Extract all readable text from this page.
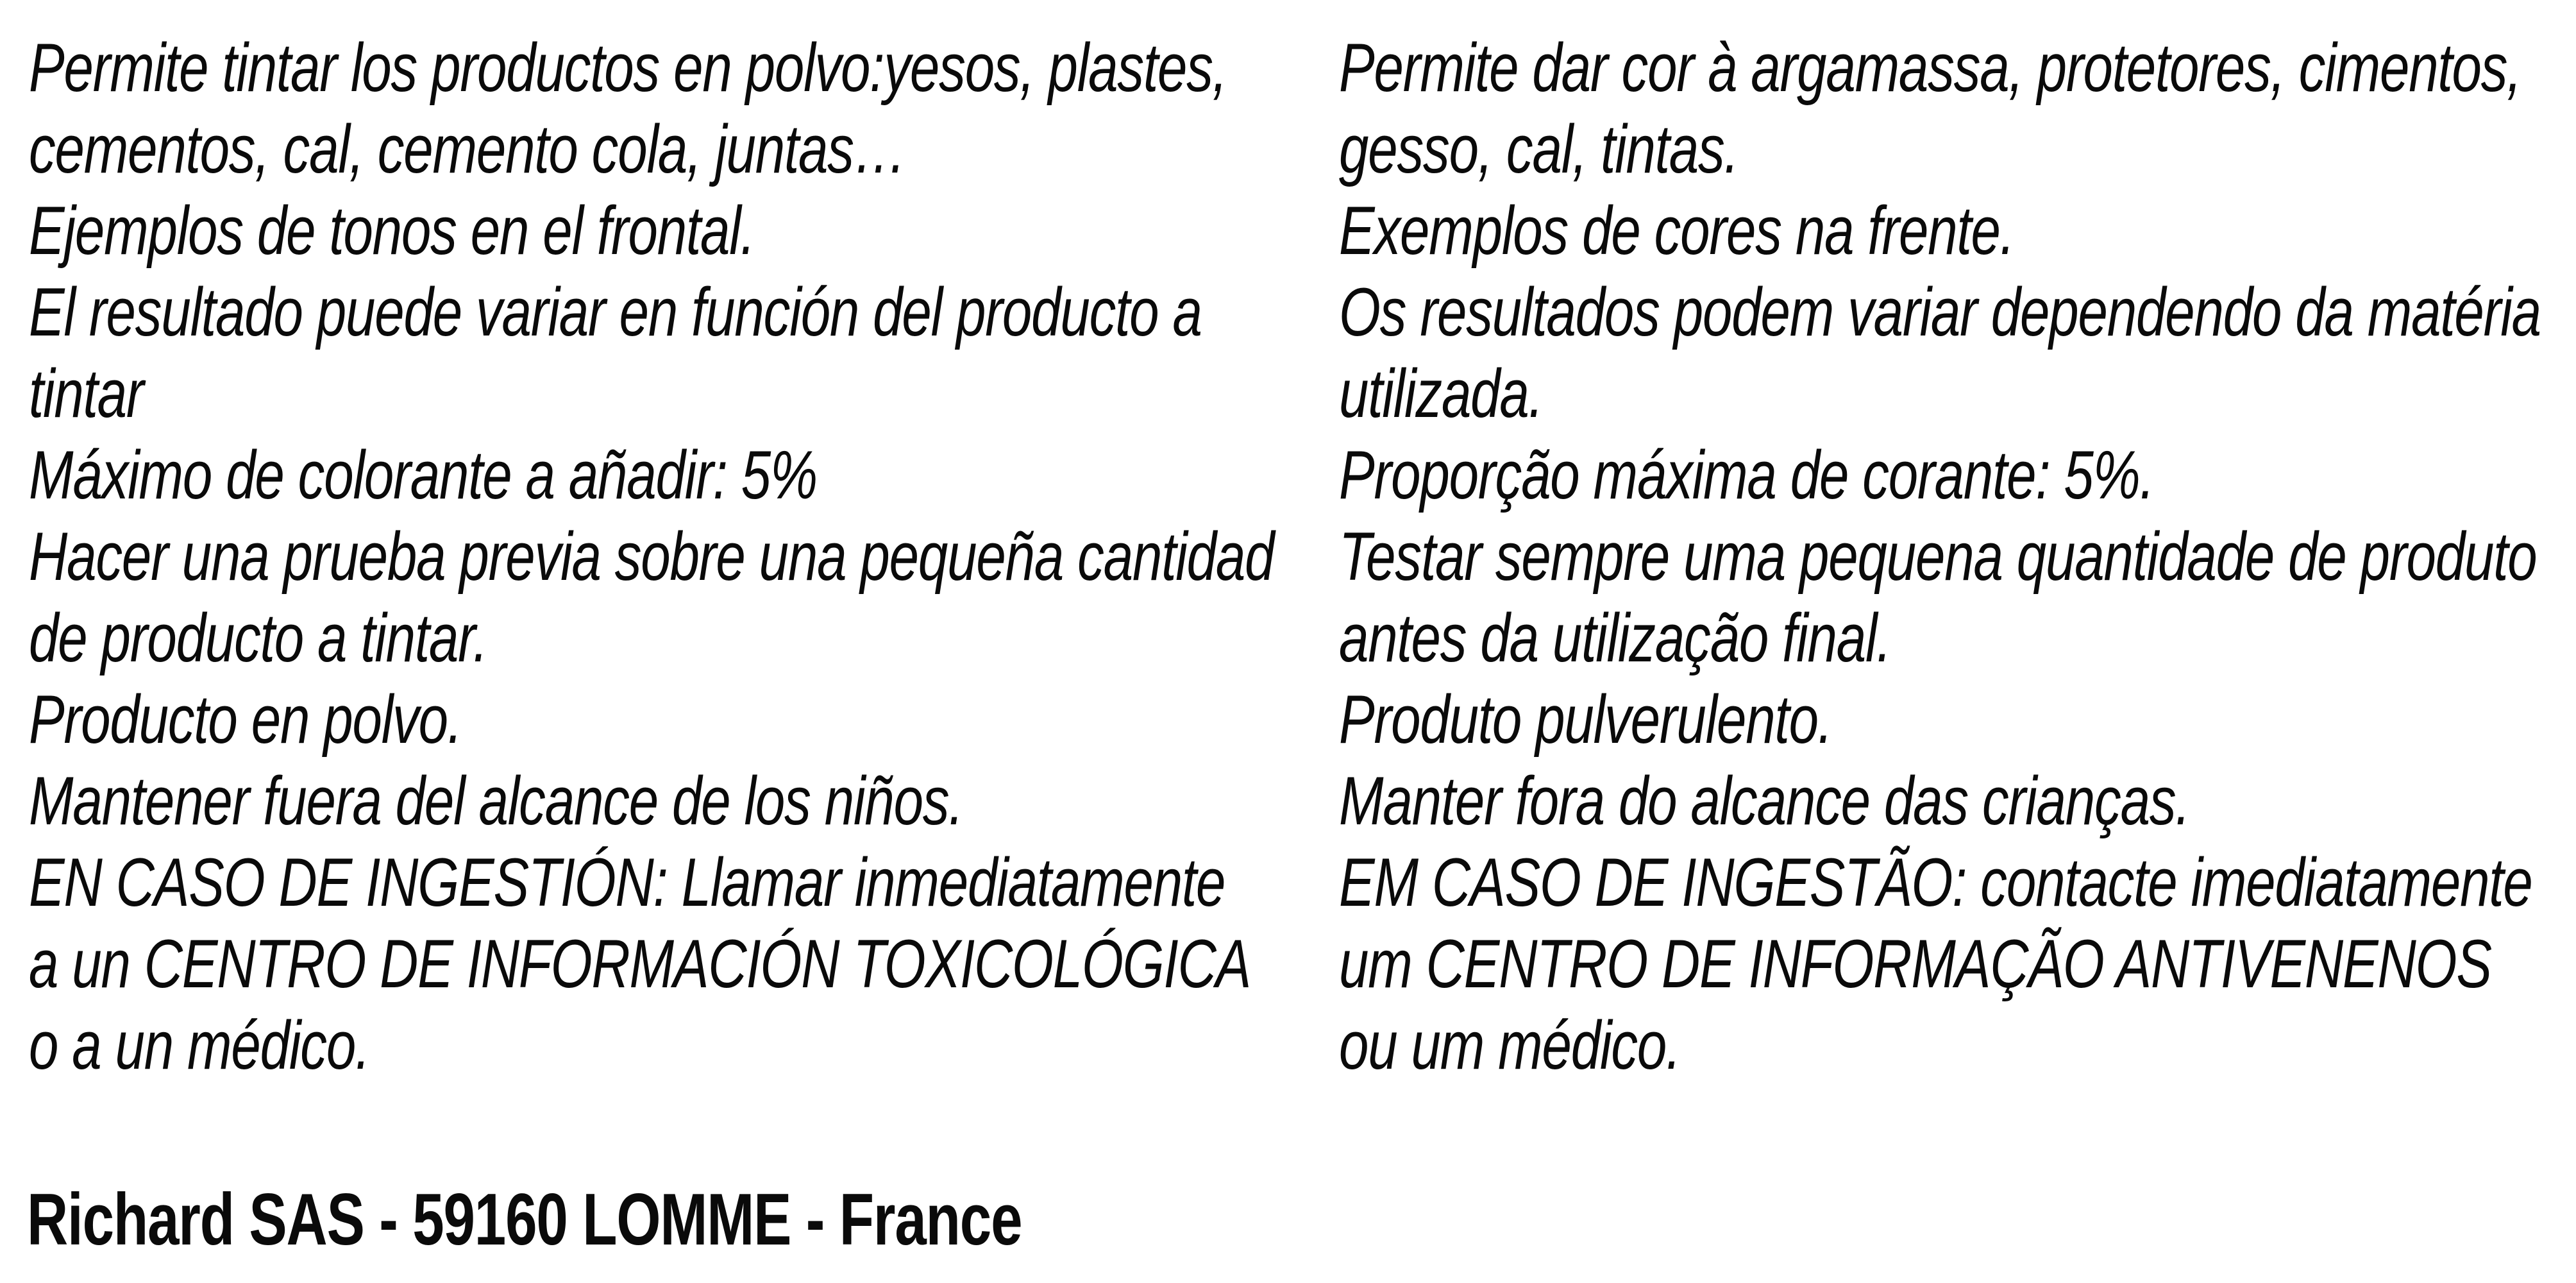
Permite tintar los productos en polvo:yesos, plastes,
cementos, cal, cemento cola, juntas…
Ejemplos de tonos en el frontal.
El resultado puede variar en función del producto a
tintar
Máximo de colorante a añadir: 5%
Hacer una prueba previa sobre una pequeña cantidad
de producto a tintar.
Producto en polvo.
Mantener fuera del alcance de los niños.
EN CASO DE INGESTIÓN: Llamar inmediatamente
a un CENTRO DE INFORMACIÓN TOXICOLÓGICA
o a un médico.
Permite dar cor à argamassa, protetores, cimentos,
gesso, cal, tintas.
Exemplos de cores na frente.
Os resultados podem variar dependendo da matéria
utilizada.
Proporção máxima de corante: 5%.
Testar sempre uma pequena quantidade de produto
antes da utilização final.
Produto pulverulento.
Manter fora do alcance das crianças.
EM CASO DE INGESTÃO: contacte imediatamente
um CENTRO DE INFORMAÇÃO ANTIVENENOS
ou um médico.
Richard SAS - 59160 LOMME - France
